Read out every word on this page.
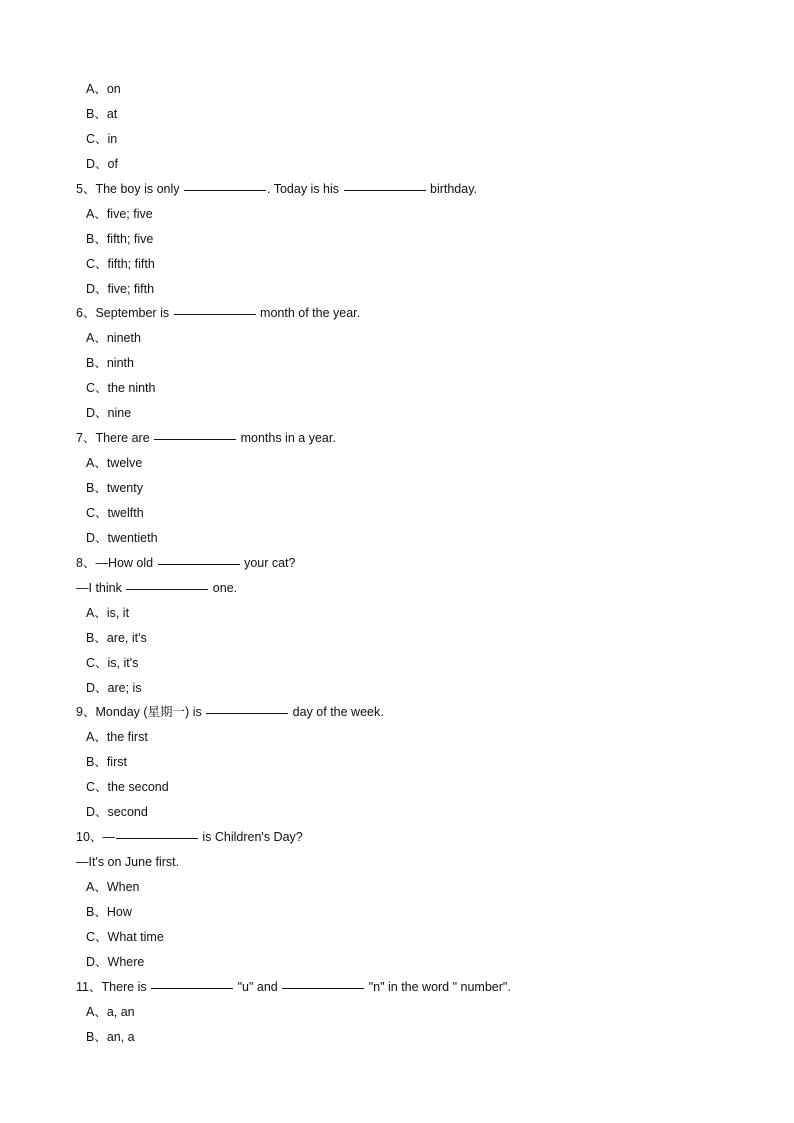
A、on
B、at
C、in
D、of
5、The boy is only	. Today is his	birthday.
A、five; five
B、fifth; five
C、fifth; fifth
D、five; fifth
6、September is	month of the year.
A、nineth
B、ninth
C、the ninth
D、nine
7、There are	months in a year.
A、twelve
B、twenty
C、twelfth
D、twentieth
8、—How old	your cat?
—I think	one.
A、is, it
B、are, it's
C、is, it's
D、are; is
9、Monday (星期一) is	day of the week.
A、the first
B、first
C、the second
D、second
10、—	is Children's Day?
—It's on June first.
A、When
B、How
C、What time
D、Where
11、There is	"u" and	"n" in the word " number".
A、a, an
B、an, a
